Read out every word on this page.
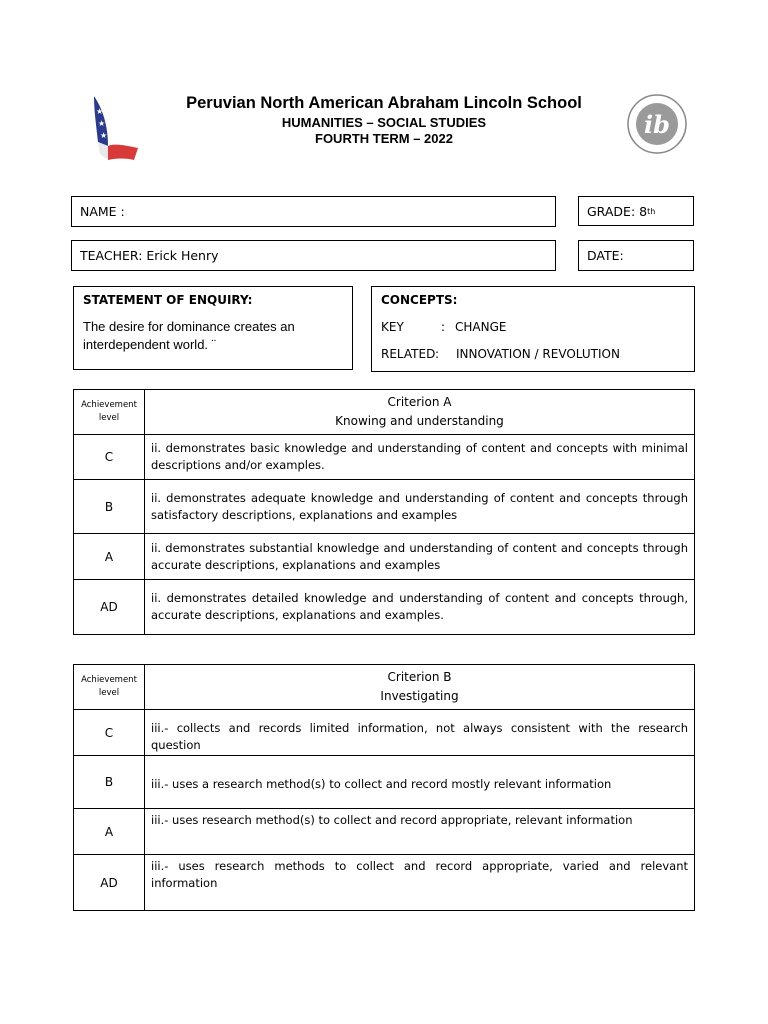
★
★
★	ib
Peruvian North American Abraham Lincoln School
HUMANITIES – SOCIAL STUDIES
FOURTH TERM – 2022
NAME :	GRADE: 8 th
TEACHER: Erick Henry	DATE:
STATEMENT OF ENQUIRY:
The desire for dominance creates an interdependent world. ¨
CONCEPTS:
KEY	: CHANGE
RELATED :	INNOVATION / REVOLUTION
Achievement level	Criterion A
Knowing and understanding

C	ii. demonstrates basic knowledge and understanding of content and concepts with minimal descriptions and/or examples.
B	ii. demonstrates adequate knowledge and understanding of content and concepts through satisfactory descriptions, explanations and examples
A	ii. demonstrates substantial knowledge and understanding of content and concepts through accurate descriptions, explanations and examples
AD	ii. demonstrates detailed knowledge and understanding of content and concepts through, accurate descriptions, explanations and examples.
Achievement level	Criterion B
Investigating

C	iii.- collects and records limited information, not always consistent with the research question
B	iii.- uses a research method(s) to collect and record mostly relevant information
A	iii.- uses research method(s) to collect and record appropriate, relevant information
AD	iii.- uses research methods to collect and record appropriate, varied and relevant information
